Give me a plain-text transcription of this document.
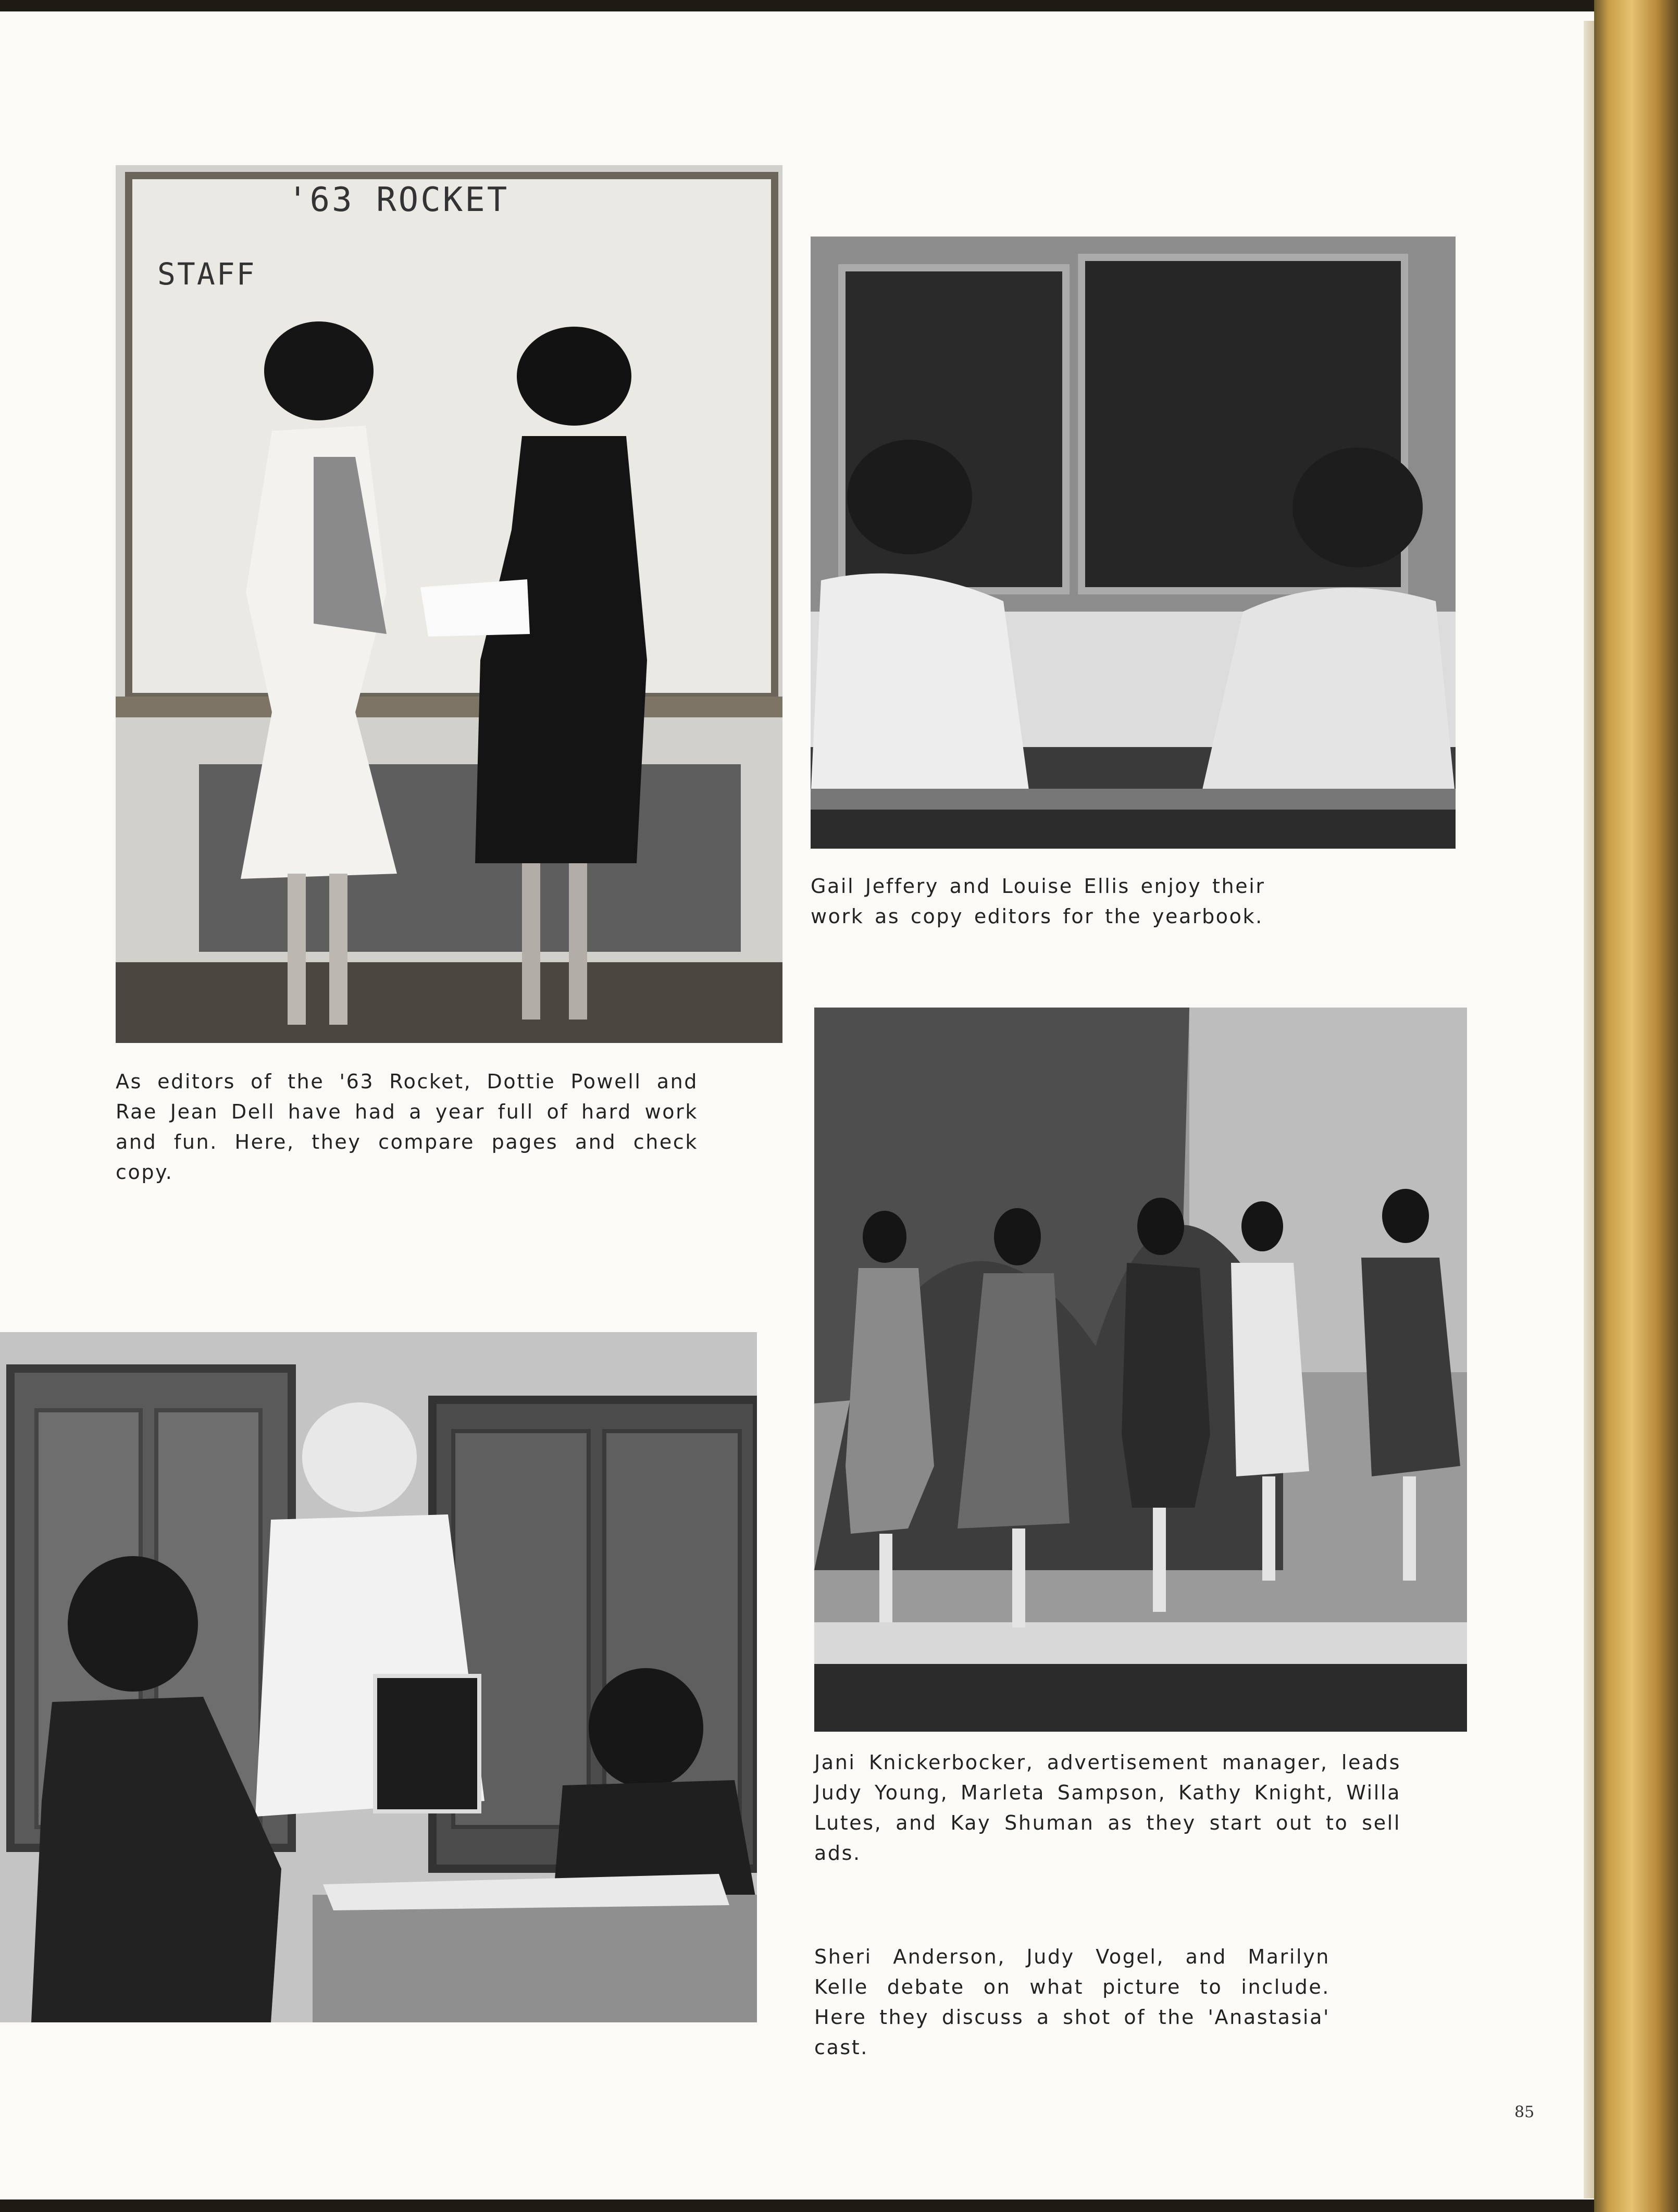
'63 ROCKET
STAFF

As editors of the '63 Rocket, Dottie Powell and Rae Jean Dell have had a year full of hard work and fun. Here, they compare pages and check copy.

Gail Jeffery and Louise Ellis enjoy their work as copy editors for the yearbook.

Jani Knickerbocker, advertisement manager, leads Judy Young, Marleta Sampson, Kathy Knight, Willa Lutes, and Kay Shuman as they start out to sell ads.

Sheri Anderson, Judy Vogel, and Marilyn Kelle debate on what picture to include. Here they discuss a shot of the 'Anastasia' cast.

85
